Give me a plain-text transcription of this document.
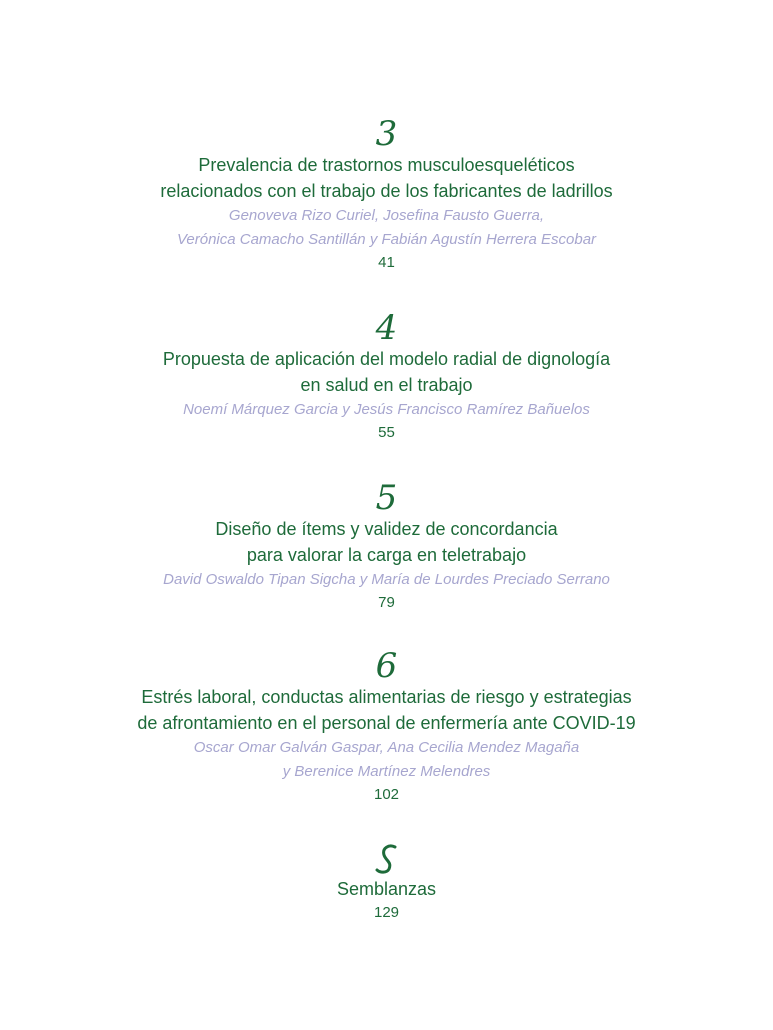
3
Prevalencia de trastornos musculoesqueléticos
relacionados con el trabajo de los fabricantes de ladrillos
Genoveva Rizo Curiel, Josefina Fausto Guerra,
Verónica Camacho Santillán y Fabián Agustín Herrera Escobar
41
4
Propuesta de aplicación del modelo radial de dignología
en salud en el trabajo
Noemí Márquez Garcia y Jesús Francisco Ramírez Bañuelos
55
5
Diseño de ítems y validez de concordancia
para valorar la carga en teletrabajo
David Oswaldo Tipan Sigcha y María de Lourdes Preciado Serrano
79
6
Estrés laboral, conductas alimentarias de riesgo y estrategias
de afrontamiento en el personal de enfermería ante COVID-19
Oscar Omar Galván Gaspar, Ana Cecilia Mendez Magaña
y Berenice Martínez Melendres
102
Semblanzas
129
